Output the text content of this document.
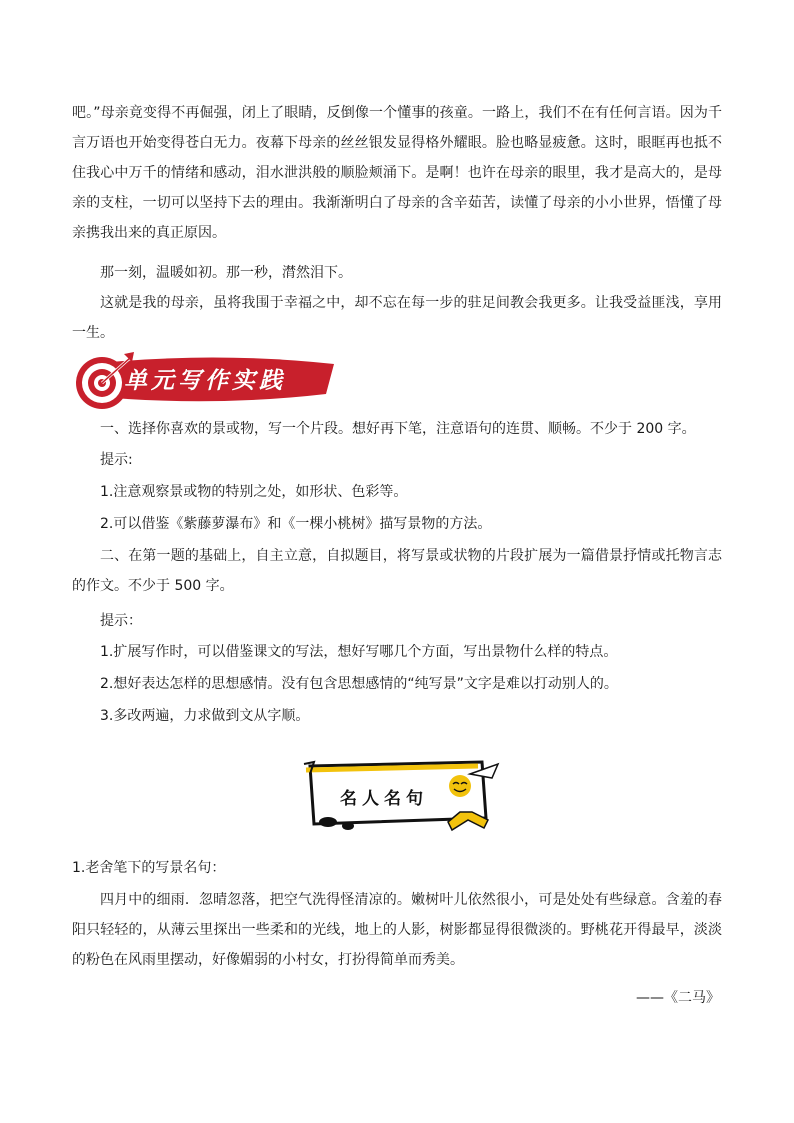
吧。”母亲竟变得不再倔强，闭上了眼睛，反倒像一个懂事的孩童。一路上，我们不在有任何言语。因为千言万语也开始变得苍白无力。夜幕下母亲的丝丝银发显得格外耀眼。脸也略显疲惫。这时，眼眶再也抵不住我心中万千的情绪和感动，泪水泄洪般的顺脸颊涌下。是啊！也许在母亲的眼里，我才是高大的，是母亲的支柱，一切可以坚持下去的理由。我渐渐明白了母亲的含辛茹苦，读懂了母亲的小小世界，悟懂了母亲携我出来的真正原因。

那一刻，温暖如初。那一秒，潸然泪下。

这就是我的母亲，虽将我围于幸福之中，却不忘在每一步的驻足间教会我更多。让我受益匪浅，享用一生。

单元写作实践

一、选择你喜欢的景或物，写一个片段。想好再下笔，注意语句的连贯、顺畅。不少于 200 字。

提示:

1.注意观察景或物的特别之处，如形状、色彩等。

2.可以借鉴《紫藤萝瀑布》和《一棵小桃树》描写景物的方法。

二、在第一题的基础上，自主立意，自拟题目，将写景或状物的片段扩展为一篇借景抒情或托物言志的作文。不少于 500 字。

提示：

1.扩展写作时，可以借鉴课文的写法，想好写哪几个方面，写出景物什么样的特点。

2.想好表达怎样的思想感情。没有包含思想感情的“纯写景”文字是难以打动别人的。

3.多改两遍，力求做到文从字顺。

名人名句
1.老舍笔下的写景名句：

四月中的细雨．忽晴忽落，把空气洗得怪清凉的。嫩树叶儿依然很小，可是处处有些绿意。含羞的春阳只轻轻的，从薄云里探出一些柔和的光线，地上的人影，树影都显得很微淡的。野桃花开得最早，淡淡的粉色在风雨里摆动，好像媚弱的小村女，打扮得简单而秀美。

——《二马》
